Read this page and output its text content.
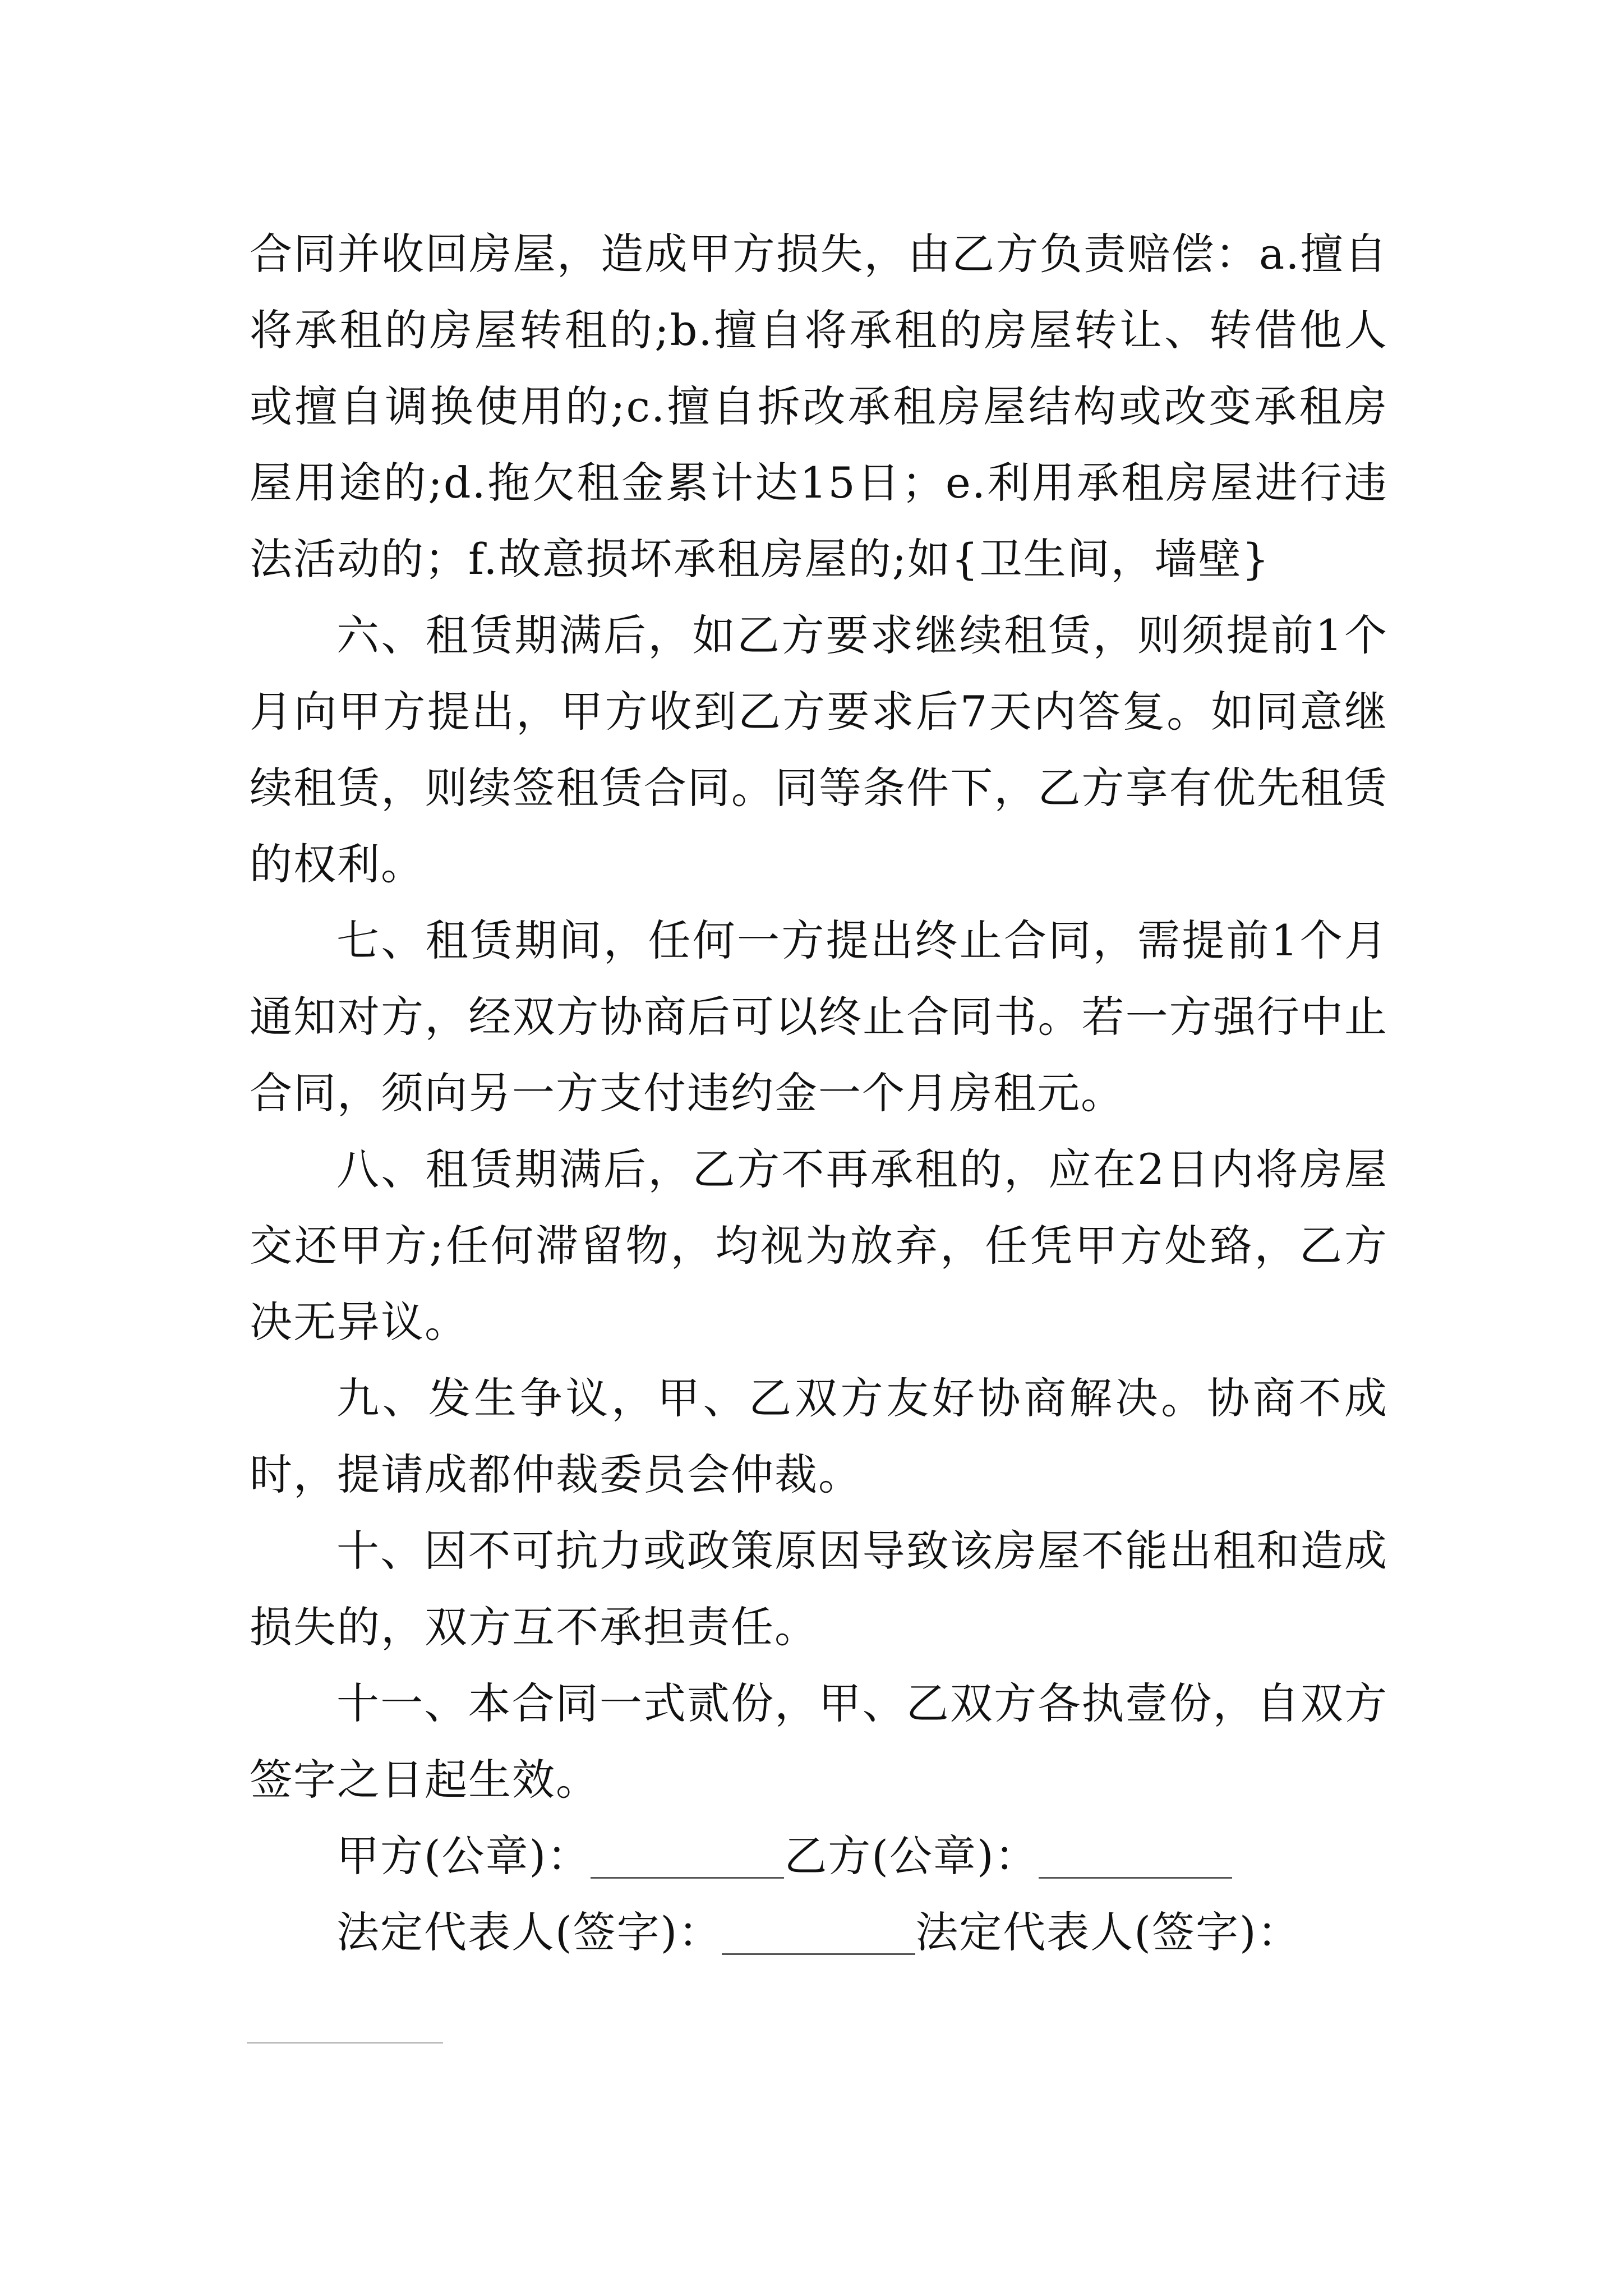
合同并收回房屋，造成甲方损失，由乙方负责赔偿：a.擅自将承租的房屋转租的;b.擅自将承租的房屋转让、转借他人或擅自调换使用的;c.擅自拆改承租房屋结构或改变承租房屋用途的;d.拖欠租金累计达15日；e.利用承租房屋进行违法活动的；f.故意损坏承租房屋的;如{卫生间，墙壁}

六、租赁期满后，如乙方要求继续租赁，则须提前1个月向甲方提出，甲方收到乙方要求后7天内答复。如同意继续租赁，则续签租赁合同。同等条件下，乙方享有优先租赁的权利。

七、租赁期间，任何一方提出终止合同，需提前1个月通知对方，经双方协商后可以终止合同书。若一方强行中止合同，须向另一方支付违约金一个月房租元。

八、租赁期满后，乙方不再承租的，应在2日内将房屋交还甲方;任何滞留物，均视为放弃，任凭甲方处臵，乙方决无异议。

九、发生争议，甲、乙双方友好协商解决。协商不成时，提请成都仲裁委员会仲裁。

十、因不可抗力或政策原因导致该房屋不能出租和造成损失的，双方互不承担责任。

十一、本合同一式贰份，甲、乙双方各执壹份，自双方签字之日起生效。

甲方(公章)：	乙方(公章)：

法定代表人(签字)：	法定代表人(签字)：
